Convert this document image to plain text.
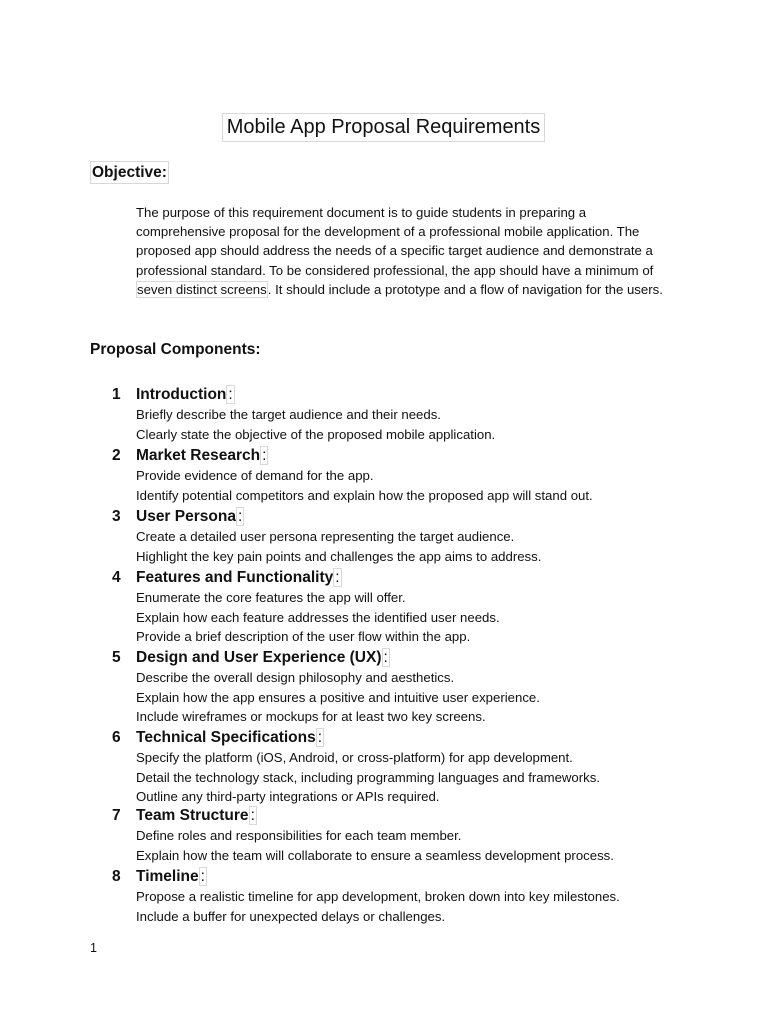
Mobile App Proposal Requirements
Objective:
The purpose of this requirement document is to guide students in preparing a comprehensive proposal for the development of a professional mobile application. The proposed app should address the needs of a specific target audience and demonstrate a professional standard. To be considered professional, the app should have a minimum of seven distinct screens. It should include a prototype and a flow of navigation for the users.
Proposal Components:
1 Introduction :
Briefly describe the target audience and their needs.
Clearly state the objective of the proposed mobile application.
2 Market Research :
Provide evidence of demand for the app.
Identify potential competitors and explain how the proposed app will stand out.
3 User Persona :
Create a detailed user persona representing the target audience.
Highlight the key pain points and challenges the app aims to address.
4 Features and Functionality :
Enumerate the core features the app will offer.
Explain how each feature addresses the identified user needs.
Provide a brief description of the user flow within the app.
5 Design and User Experience (UX) :
Describe the overall design philosophy and aesthetics.
Explain how the app ensures a positive and intuitive user experience.
Include wireframes or mockups for at least two key screens.
6 Technical Specifications :
Specify the platform (iOS, Android, or cross-platform) for app development.
Detail the technology stack, including programming languages and frameworks.
Outline any third-party integrations or APIs required.
7 Team Structure :
Define roles and responsibilities for each team member.
Explain how the team will collaborate to ensure a seamless development process.
8 Timeline :
Propose a realistic timeline for app development, broken down into key milestones.
Include a buffer for unexpected delays or challenges.
1
